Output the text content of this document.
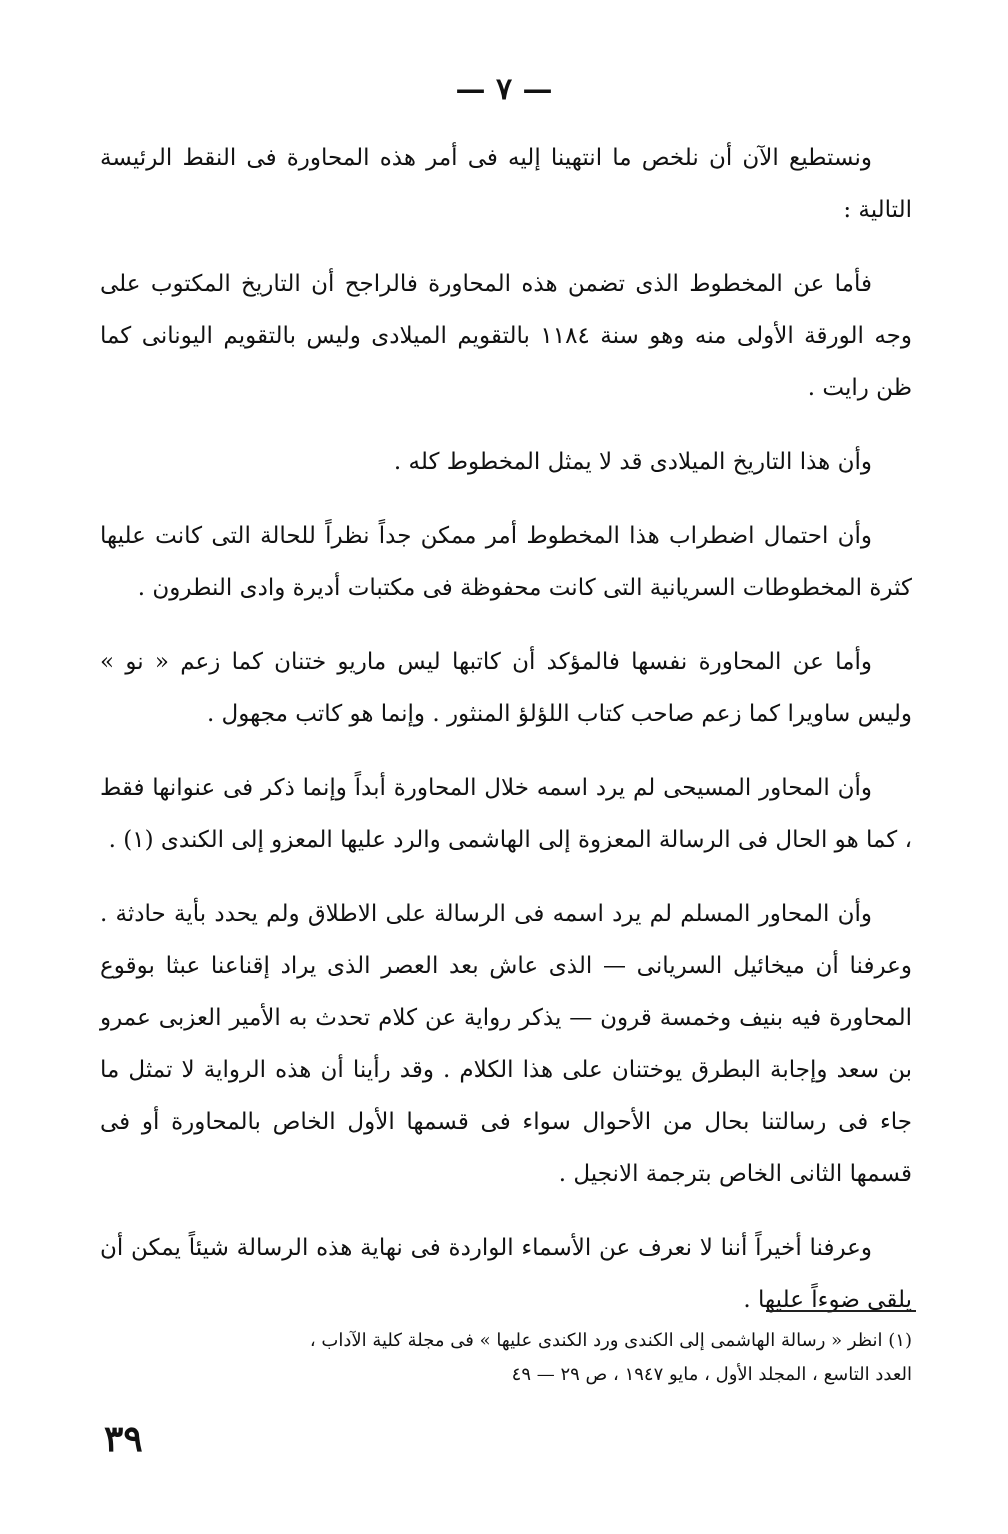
— ٧ —

ونستطيع الآن أن نلخص ما انتهينا إليه فى أمر هذه المحاورة فى النقط الرئيسة التالية :

فأما عن المخطوط الذى تضمن هذه المحاورة فالراجح أن التاريخ المكتوب على وجه الورقة الأولى منه وهو سنة ١١٨٤ بالتقويم الميلادى وليس بالتقويم اليونانى كما ظن رايت .

وأن هذا التاريخ الميلادى قد لا يمثل المخطوط كله .

وأن احتمال اضطراب هذا المخطوط أمر ممكن جداً نظراً للحالة التى كانت عليها كثرة المخطوطات السريانية التى كانت محفوظة فى مكتبات أديرة وادى النطرون .

وأما عن المحاورة نفسها فالمؤكد أن كاتبها ليس ماريو ختنان كما زعم « نو » وليس ساويرا كما زعم صاحب كتاب اللؤلؤ المنثور . وإنما هو كاتب مجهول .

وأن المحاور المسيحى لم يرد اسمه خلال المحاورة أبداً وإنما ذكر فى عنوانها فقط ، كما هو الحال فى الرسالة المعزوة إلى الهاشمى والرد عليها المعزو إلى الكندى (١) .

وأن المحاور المسلم لم يرد اسمه فى الرسالة على الاطلاق ولم يحدد بأية حادثة . وعرفنا أن ميخائيل السريانى — الذى عاش بعد العصر الذى يراد إقناعنا عبثا بوقوع المحاورة فيه بنيف وخمسة قرون — يذكر رواية عن كلام تحدث به الأمير العزبى عمرو بن سعد وإجابة البطرق يوختنان على هذا الكلام . وقد رأينا أن هذه الرواية لا تمثل ما جاء فى رسالتنا بحال من الأحوال سواء فى قسمها الأول الخاص بالمحاورة أو فى قسمها الثانى الخاص بترجمة الانجيل .

وعرفنا أخيراً أننا لا نعرف عن الأسماء الواردة فى نهاية هذه الرسالة شيئاً يمكن أن يلقى ضوءاً عليها .

(١) انظر « رسالة الهاشمى إلى الكندى ورد الكندى عليها » فى مجلة كلية الآداب ،

العدد التاسع ، المجلد الأول ، مايو ١٩٤٧ ، ص ٢٩ — ٤٩

٣٩
